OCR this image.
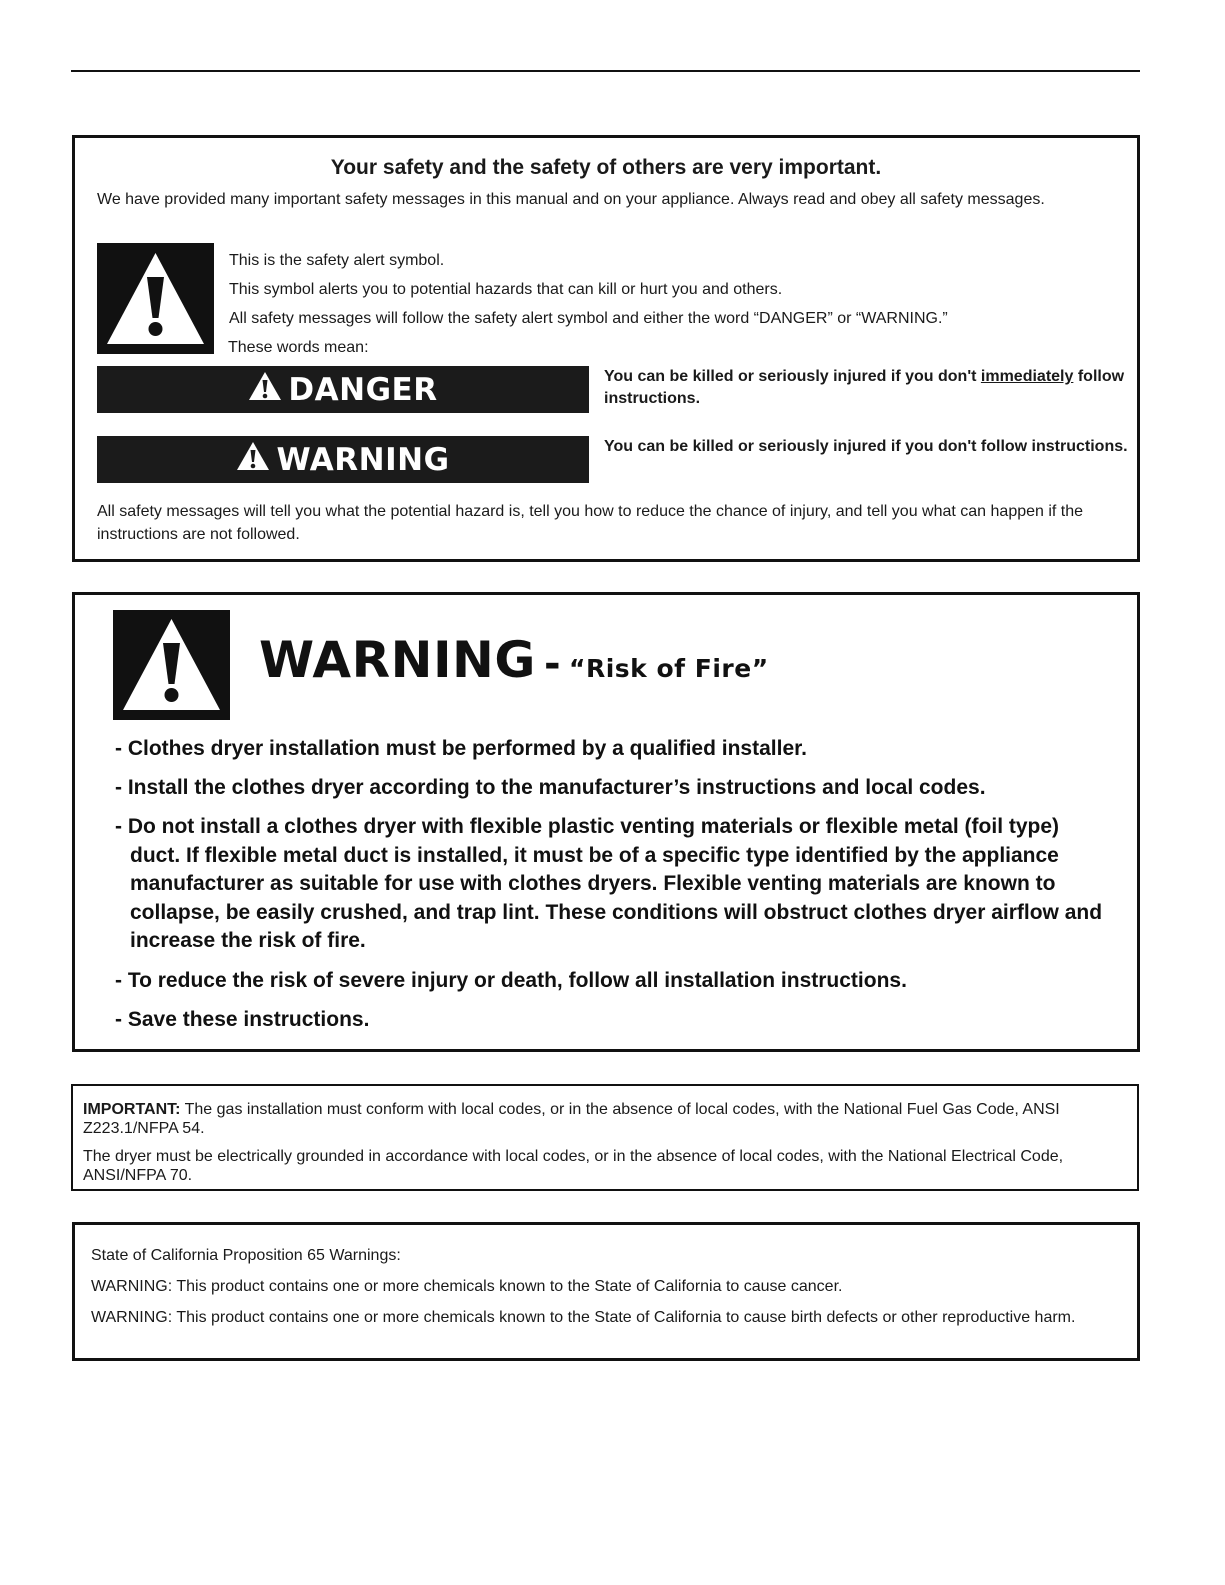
Your safety and the safety of others are very important.
We have provided many important safety messages in this manual and on your appliance. Always read and obey all safety messages.
This is the safety alert symbol.
This symbol alerts you to potential hazards that can kill or hurt you and others.
All safety messages will follow the safety alert symbol and either the word “DANGER” or “WARNING.”
These words mean:
DANGER	You can be killed or seriously injured if you don't immediately follow instructions.
WARNING	You can be killed or seriously injured if you don't follow instructions.
All safety messages will tell you what the potential hazard is, tell you how to reduce the chance of injury, and tell you what can happen if the instructions are not followed.
WARNING - “Risk of Fire”
- Clothes dryer installation must be performed by a qualified installer.
- Install the clothes dryer according to the manufacturer’s instructions and local codes.
- Do not install a clothes dryer with flexible plastic venting materials or flexible metal (foil type) duct. If flexible metal duct is installed, it must be of a specific type identified by the appliance manufacturer as suitable for use with clothes dryers. Flexible venting materials are known to collapse, be easily crushed, and trap lint. These conditions will obstruct clothes dryer airflow and increase the risk of fire.
- To reduce the risk of severe injury or death, follow all installation instructions.
- Save these instructions.
IMPORTANT: The gas installation must conform with local codes, or in the absence of local codes, with the National Fuel Gas Code, ANSI Z223.1/NFPA 54.
The dryer must be electrically grounded in accordance with local codes, or in the absence of local codes, with the National Electrical Code, ANSI/NFPA 70.
State of California Proposition 65 Warnings:
WARNING: This product contains one or more chemicals known to the State of California to cause cancer.
WARNING: This product contains one or more chemicals known to the State of California to cause birth defects or other reproductive harm.
